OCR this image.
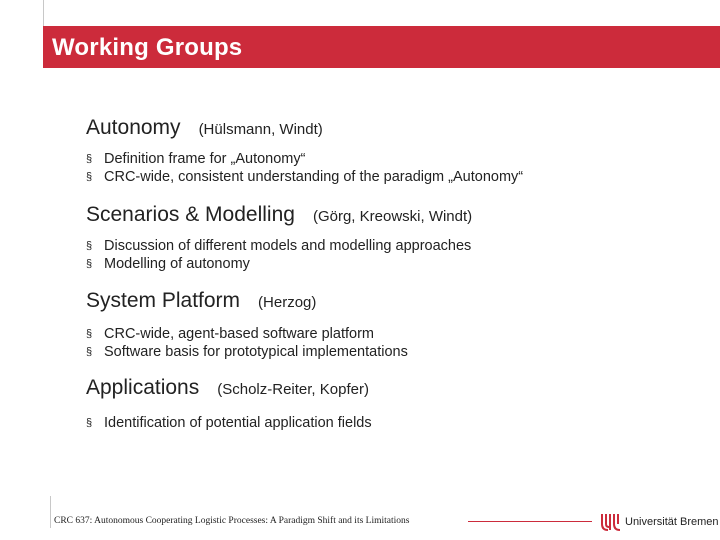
Working Groups
Autonomy (Hülsmann, Windt)
§ Definition frame for „Autonomy“
§ CRC-wide, consistent understanding of the paradigm „Autonomy“
Scenarios & Modelling (Görg, Kreowski, Windt)
§ Discussion of different models and modelling approaches
§ Modelling of autonomy
System Platform (Herzog)
§ CRC-wide, agent-based software platform
§ Software basis for prototypical implementations
Applications (Scholz-Reiter, Kopfer)
§ Identification of potential application fields
CRC 637: Autonomous Cooperating Logistic Processes: A Paradigm Shift and its Limitations	Universität Bremen
